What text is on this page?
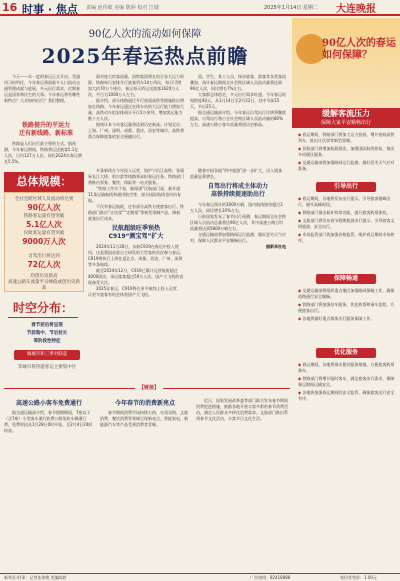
16 时事 · 焦点 责编 连伟敏 美编 陈婷 校对 江婕	2025年1月14日 星期二 大连晚报
90亿人次的流动如何保障
2025年春运热点前瞻
今天——年一度的春运正式开启。受通用习俗所托，今年春运将面临多人口流动交通管理成就与进展，多元出行需求，近期春运是国家和民生的大事。今年春运将有哪些新特点？大众如何出行？我们整理。
铁路提升的平运力
迁有新线路、新标准
铁路是人们出行最主要的方式。据预测，今年春运期间，铁路将运送旅客5.1亿人次，日均127万人次，同比2024年春运增长5.5%。
总体规模：
全社会跨区域人员流动将达到
90亿人次
铁路客运量有望突破
5.1亿人次
民航客运量有望突破
9000万人次
自驾出行将达到
72亿人次
均创历史新高
高速公路车流量平日峰值或创历史新高
时空分布：
春节前后将呈现
节前集中、节后拉长
等阶段性特征
城城市和三季对联起
等城市将热游客运主要集中区

面对庞大的客流量，国铁集团将在综合各大运力资源，铁路每日安排开行旅客列车14万列次，每日可增加大约70万个座位，春运每天约运送旅客1620万人次，平日为1000万人左右。

据介绍，部分线路通过开行夜间高铁等措施推出增加在线路。今年春运通过在线车站的大运行能力增加大量，高铁动车组安排预计开行2万余列，增加客运能力数十万人次。

据统计本今年客运量将达到历史新高。计划北京、上海、广州、深圳、成都、重庆、西安等城市，高铁将重点保障旅客的安全便捷出行。

流，学生、务工人员、探亲旅客、游客等各类客流叠加，预计春运期间全社会跨区域人员流动量将达到90亿人次，同比增长7%左右。

大客群总体稳定，多元出行需求旺盛。今年春运时间跨度40天，从1月14日至2月22日，其中节前15天，节后25天。

据交通运输部介绍，今年春运自驾出行比例将继续提高，自驾出行将占全社会跨区域人员流动量的80%左右，高速公路小客车流量将创历史新高。

多条新线在今年投入运营，如沪宁沿江高铁、张靖皋长江大桥、哈尔滨等线路将承担春运任务。铁路部门将推出票务、餐饮、保险等一站式服务。

“铁路工作实干家，新闻事”民航部门说，新开通11条运输航线和通用航空等，部分国际航线也纷纷复航。

不仅有春运航班，还有部分高铁方便旅客出行。铁路部门推出“计次票”“定期票”等新型票制产品，降低旅客出行成本。

民航超级旺季预热
C919“颜宝驾”扩大

2024年11月28日，东航C919在春运中投入使用。这是我国首款自主研发的大型客机首次参与春运，C919将执行上海往返北京、成都、西安、广州、深圳等多条航线。

截至2024年12月，C919已累计运营航班超过4000班次，承运旅客超过50万人次。国产大飞机的表现备受关注。

2025年春运，C919将在更多航线上投入运营，让更多旅客有机会体验国产大飞机。

随着中国各地“四中旅游”进一步扩大，出入境客流量显著增长。

自驾出行将成主体动力
高铁持续提速助出行

今年春运预计约3000万辆，国内航线接待超过3万人次，同比增长10%左右。

日前国家发布了春节出行预测，春运期间全社会跨区域人员流动总量将达90亿人次，其中高速公路日均流量将达到5800万辆左右。

交通运输部将加强路网运行监测，做好恶劣天气应对，保障人民群众平安顺畅出行。

据新华社电

90亿人次的春运如何保障？
缓解客流压力
保障大家平安顺畅出行
◆ 春运期间，铁路部门将加大运力投放，增开夜间高铁列车，推出计次票等新型票制。
◆ 民航部门将增加航班班次，加强国际航线恢复，推出多项便民服务。
◆ 交通运输部将加强路网运行监测，做好恶劣天气应对准备。
引导出行
◆ 春运期间，各地将发布出行提示，引导旅客错峰出行，避开高峰时段。
◆ 铁路部门推出候补购票功能，提升旅客购票体验。
◆ 文旅部门将发布春节假期旅游出行提示，引导游客文明旅游、安全出行。
◆ 市场监管部门将加强价格监管，维护春运期间市场秩序。
保障畅通
◆ 交通运输部将组织重点地区加强路网保畅工作，确保道路通行安全顺畅。
◆ 铁路部门将加强站车服务，优化购票和乘车流程，方便旅客出行。
◆ 各地将做好重点群体出行服务保障工作。
优化服务
◆ 春运期间，各地将推出便民服务措施，方便旅客购票乘车。
◆ 铁路部门将增开临时客车，满足旅客出行需求，保障春运期间运输安全。
◆ 各地将加强春运期间的安全监管，确保旅客出行安全有序。
【链接】
高速公路小客车免费通行
据交通运输部介绍，春节假期期间，7座以下（含7座）小型客车通行收费公路免收车辆通行费，免费时段从1月28日0时开始，至2月4日24时结束。
今年春节的消费新亮点
春节期间消费市场持续火热，年货采购、文旅消费、餐饮消费等领域呈现新亮点，智能家电、新能源汽车等产品受到消费者青睐。
近日，国家发展改革委等部门联合发布春节期间消费促进措施，鼓励各地开展丰富多彩的春节消费活动，满足人民群众多样化消费需求。文旅部门推出系列春节文化活动，丰富节日文化生活。
新华社·时事：记者连伟敏 美编陈婷	广告热线：82418888	每份零售价：1.00元
